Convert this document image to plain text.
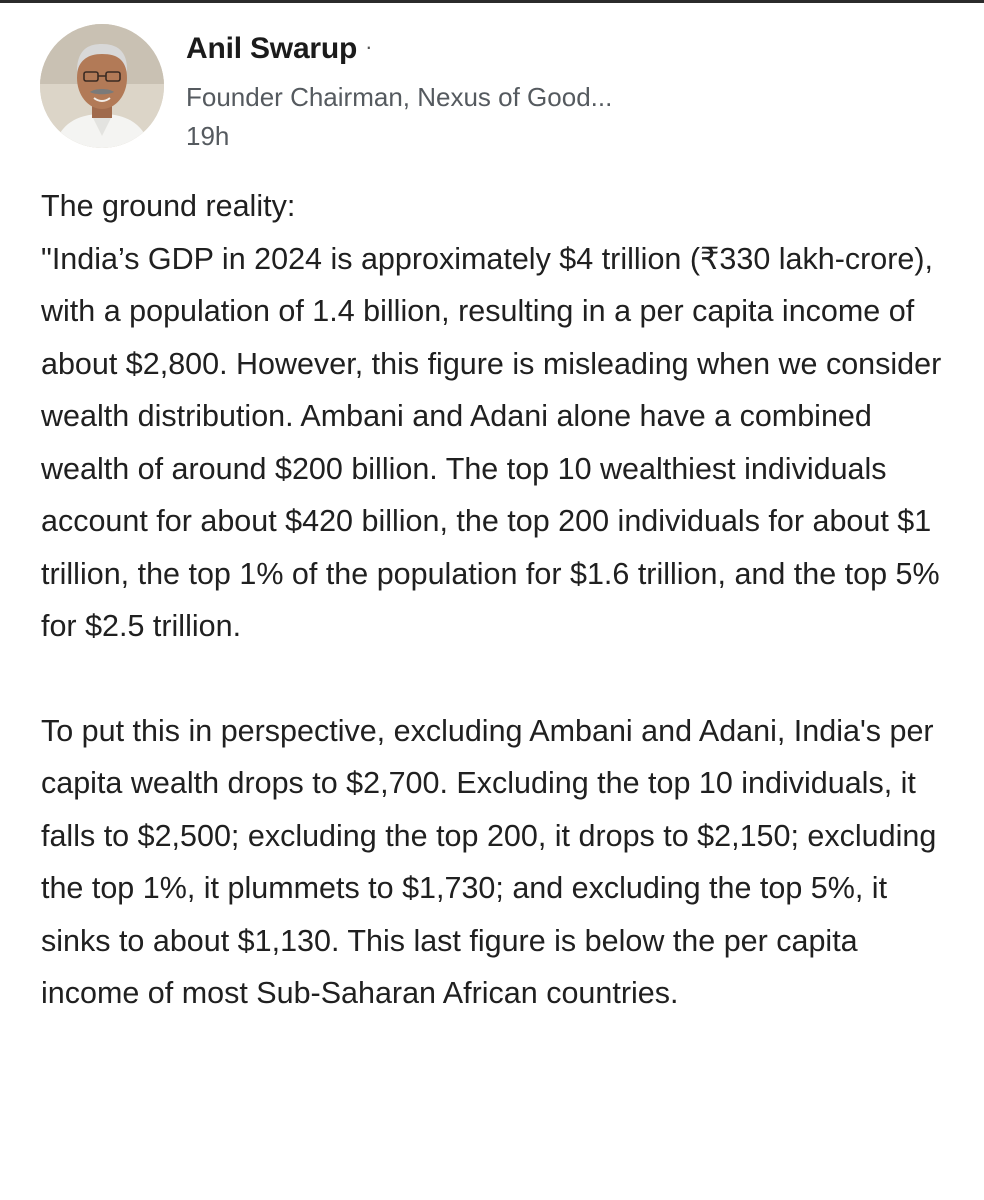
Anil Swarup ·
Founder Chairman, Nexus of Good...
19h

The ground reality:
"India’s GDP in 2024 is approximately $4 trillion (₹330 lakh-crore), with a population of 1.4 billion, resulting in a per capita income of about $2,800. However, this figure is misleading when we consider wealth distribution. Ambani and Adani alone have a combined wealth of around $200 billion. The top 10 wealthiest individuals account for about $420 billion, the top 200 individuals for about $1 trillion, the top 1% of the population for $1.6 trillion, and the top 5% for $2.5 trillion.

To put this in perspective, excluding Ambani and Adani, India's per capita wealth drops to $2,700. Excluding the top 10 individuals, it falls to $2,500; excluding the top 200, it drops to $2,150; excluding the top 1%, it plummets to $1,730; and excluding the top 5%, it sinks to about $1,130. This last figure is below the per capita income of most Sub-Saharan African countries.
